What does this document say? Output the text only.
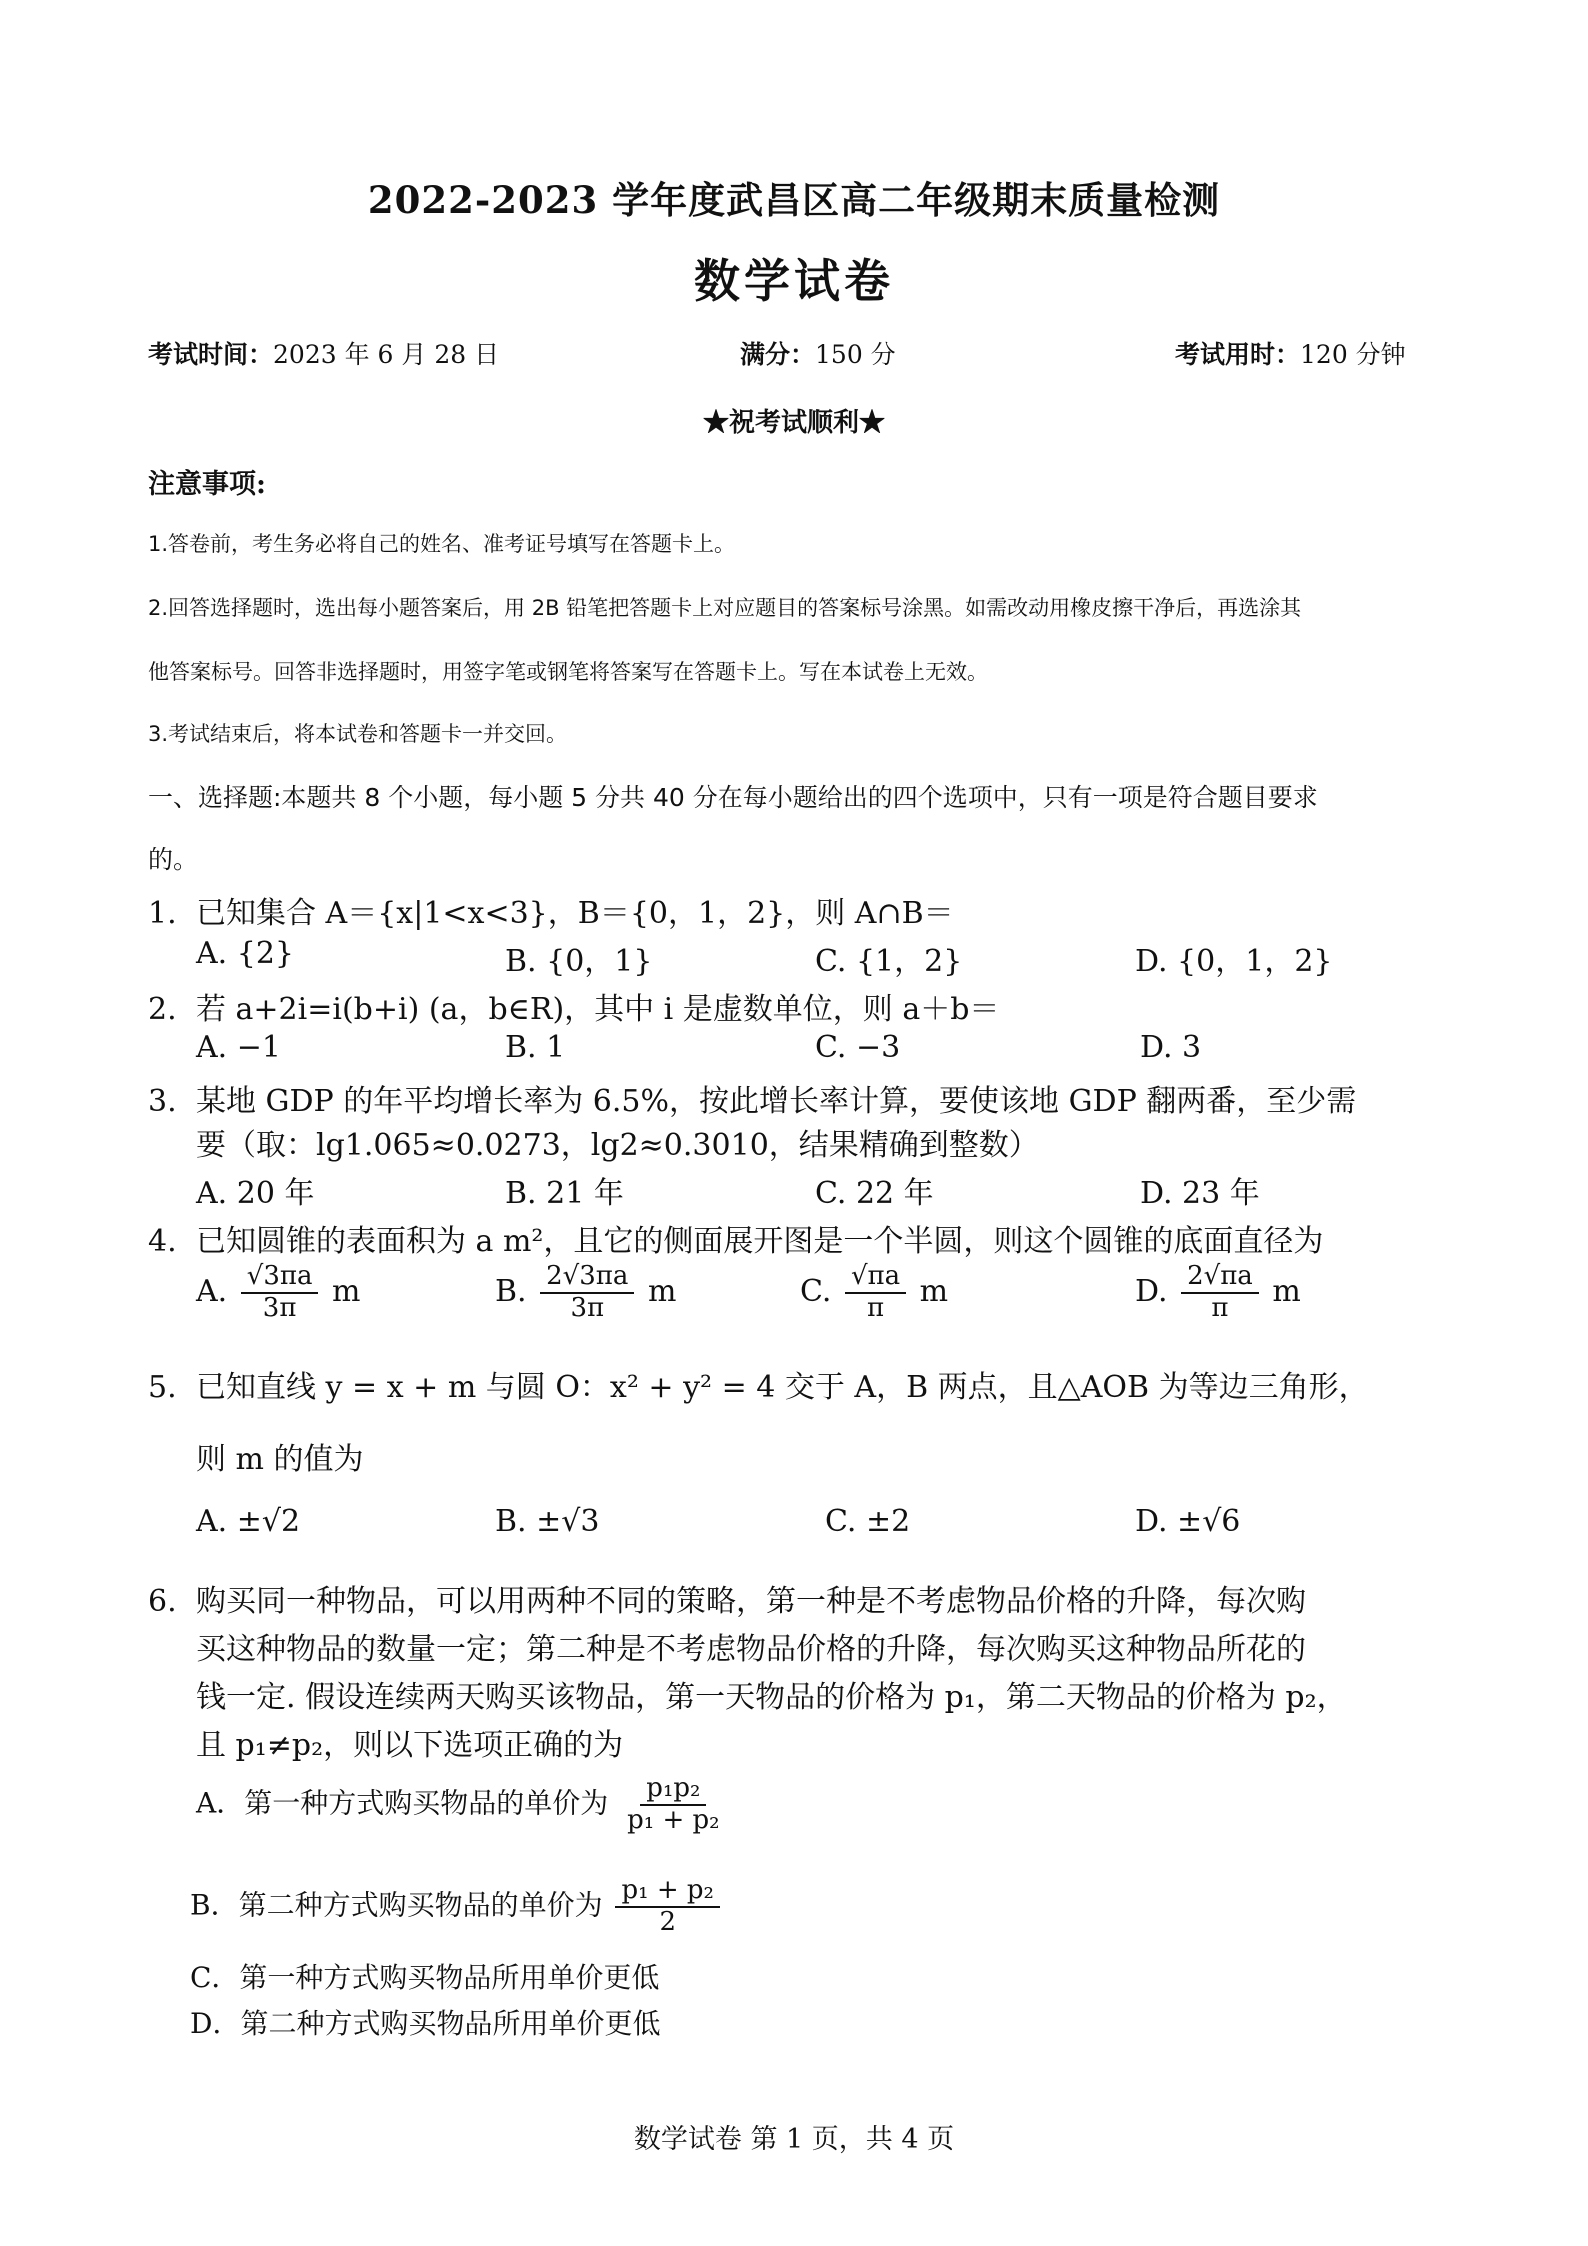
2022-2023 学年度武昌区高二年级期末质量检测
数学试卷
考试时间：2023 年 6 月 28 日	满分：150 分	考试用时：120 分钟
★祝考试顺利★
注意事项:
1.答卷前，考生务必将自己的姓名、准考证号填写在答题卡上。
2.回答选择题时，选出每小题答案后，用 2B 铅笔把答题卡上对应题目的答案标号涂黑。如需改动用橡皮擦干净后，再选涂其
他答案标号。回答非选择题时，用签字笔或钢笔将答案写在答题卡上。写在本试卷上无效。
3.考试结束后，将本试卷和答题卡一并交回。
一、选择题:本题共 8 个小题，每小题 5 分共 40 分在每小题给出的四个选项中，只有一项是符合题目要求
的。
1. 已知集合 A＝{x|1<x<3}，B＝{0，1，2}，则 A∩B＝
A. {2}	B. {0，1}	C. {1，2}	D. {0，1，2}
2. 若 a+2i=i(b+i) (a，b∈R)，其中 i 是虚数单位，则 a＋b＝
A. −1	B. 1	C. −3	D. 3
3. 某地 GDP 的年平均增长率为 6.5%，按此增长率计算，要使该地 GDP 翻两番，至少需
要（取：lg1.065≈0.0273，lg2≈0.3010，结果精确到整数）
A. 20 年	B. 21 年	C. 22 年	D. 23 年
4. 已知圆锥的表面积为 a m²，且它的侧面展开图是一个半圆，则这个圆锥的底面直径为
A. $\frac{√3\pi a}{3\pi}$ m	B. $\frac{2√3\pi a}{3\pi}$ m	C. $\frac{√\pi a}{\pi}$ m	D. $\frac{2√\pi a}{\pi}$ m
5. 已知直线 y = x + m 与圆 O：x² + y² = 4 交于 A，B 两点，且△AOB 为等边三角形，
则 m 的值为
A. ±√2	B. ±√3	C. ±2	D. ±√6
6. 购买同一种物品，可以用两种不同的策略，第一种是不考虑物品价格的升降，每次购
买这种物品的数量一定；第二种是不考虑物品价格的升降，每次购买这种物品所花的
钱一定. 假设连续两天购买该物品，第一天物品的价格为 p₁，第二天物品的价格为 p₂，
且 p₁≠p₂，则以下选项正确的为
A．第一种方式购买物品的单价为 $\frac{\text{p₁p₂}}{\text{p₁ + p₂}}$
B．第二种方式购买物品的单价为 $\frac{\text{p₁ + p₂}}{2}$
C．第一种方式购买物品所用单价更低
D．第二种方式购买物品所用单价更低
数学试卷 第 1 页，共 4 页
